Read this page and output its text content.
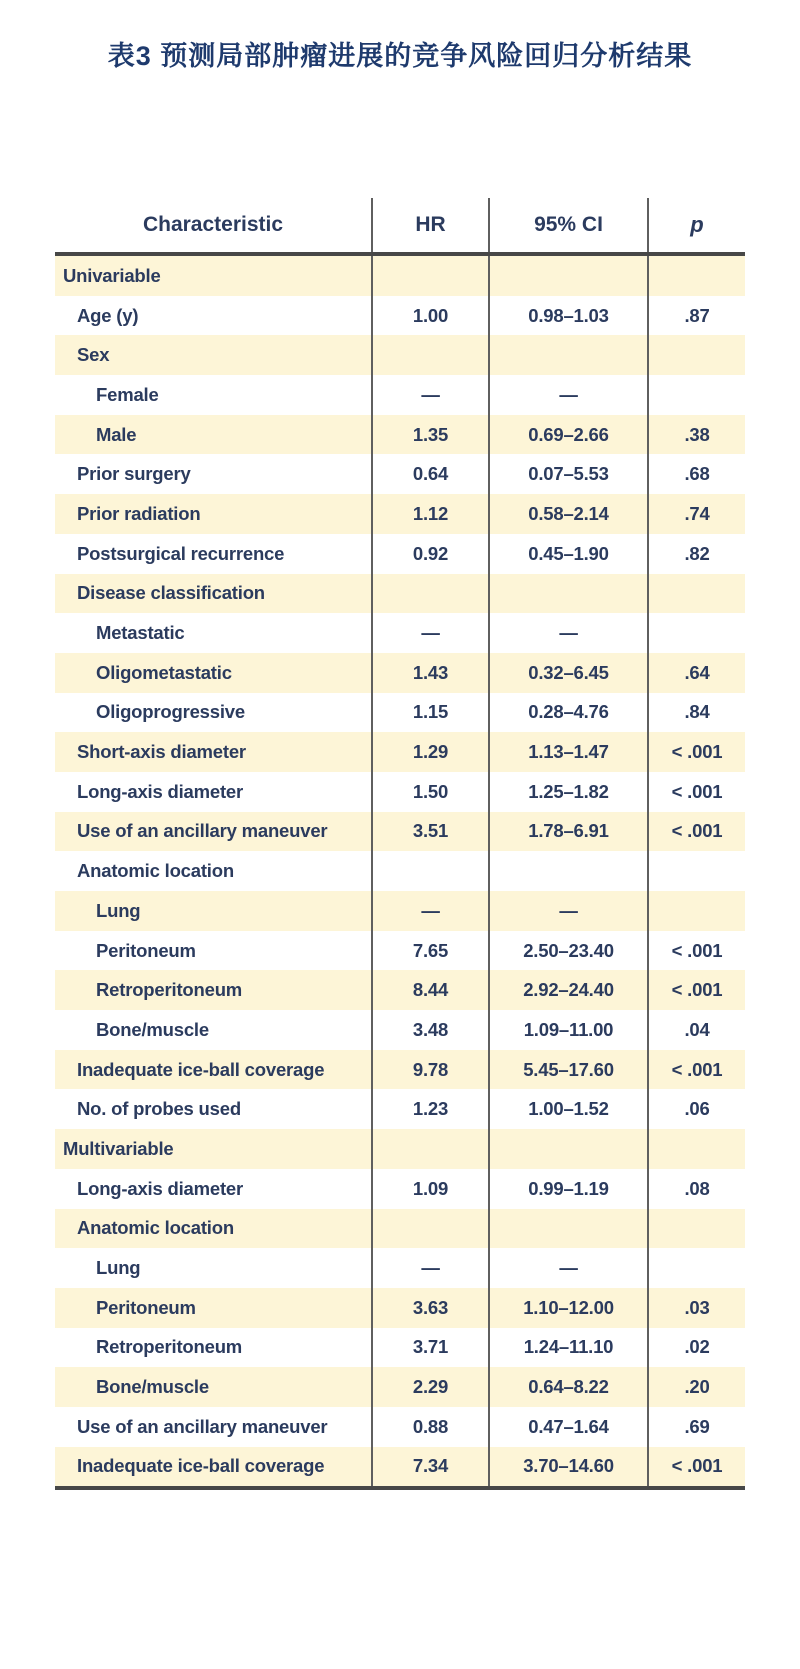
表3 预测局部肿瘤进展的竞争风险回归分析结果
Characteristic	HR	95% CI	p
Univariable
Age (y)	1.00	0.98–1.03	.87
Sex
Female	—	—
Male	1.35	0.69–2.66	.38
Prior surgery	0.64	0.07–5.53	.68
Prior radiation	1.12	0.58–2.14	.74
Postsurgical recurrence	0.92	0.45–1.90	.82
Disease classification
Metastatic	—	—
Oligometastatic	1.43	0.32–6.45	.64
Oligoprogressive	1.15	0.28–4.76	.84
Short-axis diameter	1.29	1.13–1.47	< .001
Long-axis diameter	1.50	1.25–1.82	< .001
Use of an ancillary maneuver	3.51	1.78–6.91	< .001
Anatomic location
Lung	—	—
Peritoneum	7.65	2.50–23.40	< .001
Retroperitoneum	8.44	2.92–24.40	< .001
Bone/muscle	3.48	1.09–11.00	.04
Inadequate ice-ball coverage	9.78	5.45–17.60	< .001
No. of probes used	1.23	1.00–1.52	.06
Multivariable
Long-axis diameter	1.09	0.99–1.19	.08
Anatomic location
Lung	—	—
Peritoneum	3.63	1.10–12.00	.03
Retroperitoneum	3.71	1.24–11.10	.02
Bone/muscle	2.29	0.64–8.22	.20
Use of an ancillary maneuver	0.88	0.47–1.64	.69
Inadequate ice-ball coverage	7.34	3.70–14.60	< .001
